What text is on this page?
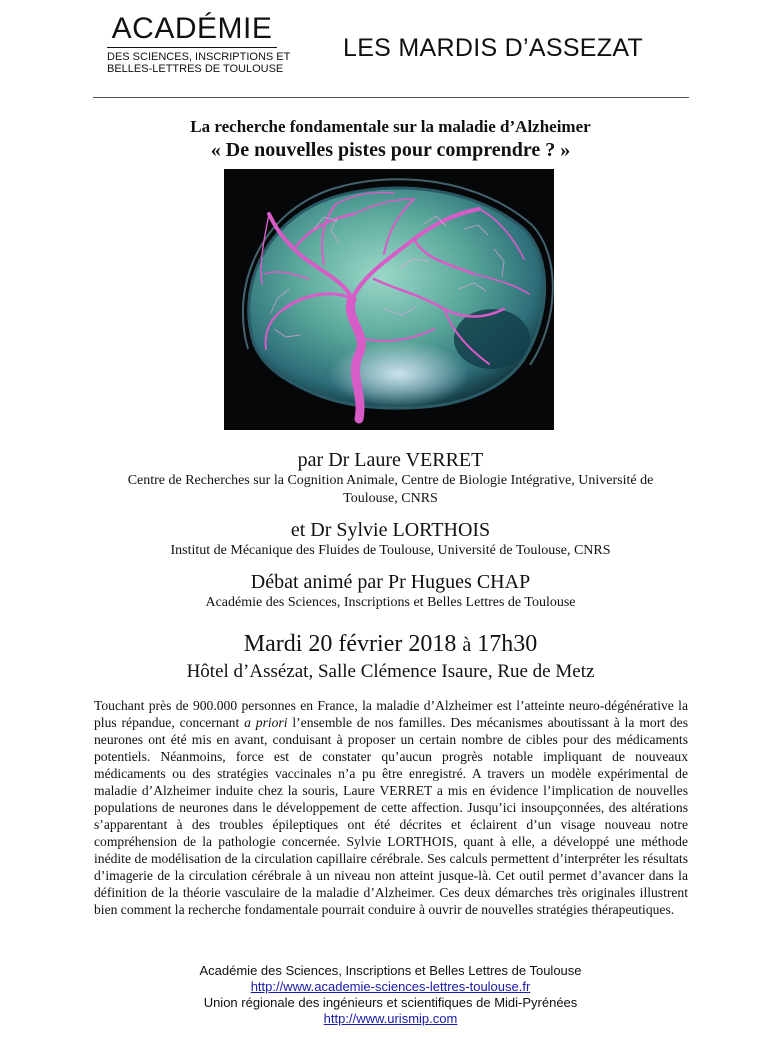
ACADÉMIE
DES SCIENCES, INSCRIPTIONS ET
BELLES-LETTRES DE TOULOUSE
LES MARDIS D’ASSEZAT
La recherche fondamentale sur la maladie d’Alzheimer
« De nouvelles pistes pour comprendre ? »
par Dr Laure VERRET
Centre de Recherches sur la Cognition Animale, Centre de Biologie Intégrative, Université de
Toulouse, CNRS
et Dr Sylvie LORTHOIS
Institut de Mécanique des Fluides de Toulouse, Université de Toulouse, CNRS
Débat animé par Pr Hugues CHAP
Académie des Sciences, Inscriptions et Belles Lettres de Toulouse
Mardi 20 février 2018 à 17h30
Hôtel d’Assézat, Salle Clémence Isaure, Rue de Metz

Touchant près de 900.000 personnes en France, la maladie d’Alzheimer est l’atteinte neuro-dégénérative la plus répandue, concernant a priori l’ensemble de nos familles. Des mécanismes aboutissant à la mort des neurones ont été mis en avant, conduisant à proposer un certain nombre de cibles pour des médicaments potentiels. Néanmoins, force est de constater qu’aucun progrès notable impliquant de nouveaux médicaments ou des stratégies vaccinales n’a pu être enregistré. A travers un modèle expérimental de maladie d’Alzheimer induite chez la souris, Laure VERRET a mis en évidence l’implication de nouvelles populations de neurones dans le développement de cette affection. Jusqu’ici insoupçonnées, des altérations s’apparentant à des troubles épileptiques ont été décrites et éclairent d’un visage nouveau notre compréhension de la pathologie concernée. Sylvie LORTHOIS, quant à elle, a développé une méthode inédite de modélisation de la circulation capillaire cérébrale. Ses calculs permettent d’interpréter les résultats d’imagerie de la circulation cérébrale à un niveau non atteint jusque-là. Cet outil permet d’avancer dans la définition de la théorie vasculaire de la maladie d’Alzheimer. Ces deux démarches très originales illustrent bien comment la recherche fondamentale pourrait conduire à ouvrir de nouvelles stratégies thérapeutiques.

Académie des Sciences, Inscriptions et Belles Lettres de Toulouse
http://www.academie-sciences-lettres-toulouse.fr
Union régionale des ingénieurs et scientifiques de Midi-Pyrénées
http://www.urismip.com
